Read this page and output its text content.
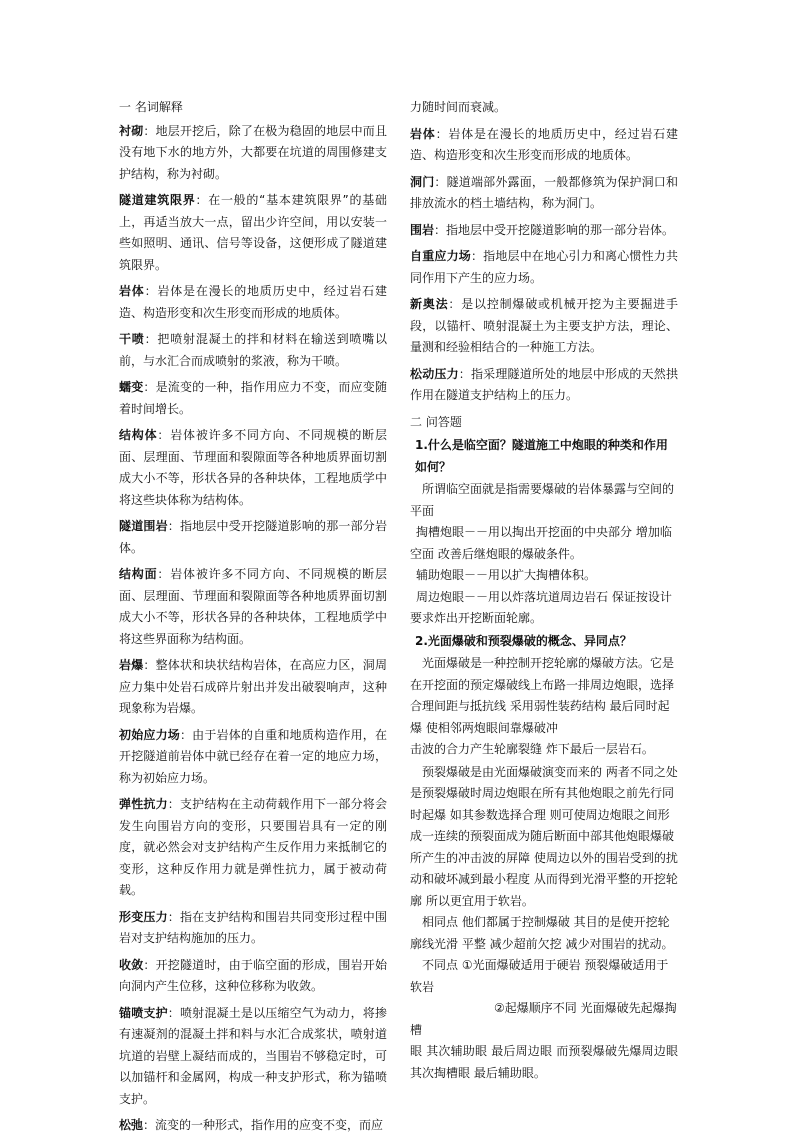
一 名词解释

衬砌：地层开挖后，除了在极为稳固的地层中而且没有地下水的地方外，大都要在坑道的周围修建支护结构，称为衬砌。

隧道建筑限界：在一般的“基本建筑限界”的基础上，再适当放大一点，留出少许空间，用以安装一些如照明、通讯、信号等设备，这便形成了隧道建筑限界。

岩体：岩体是在漫长的地质历史中，经过岩石建造、构造形变和次生形变而形成的地质体。

干喷：把喷射混凝土的拌和材料在输送到喷嘴以前，与水汇合而成喷射的浆液，称为干喷。

蠕变：是流变的一种，指作用应力不变，而应变随着时间增长。

结构体：岩体被许多不同方向、不同规模的断层面、层理面、节理面和裂隙面等各种地质界面切割成大小不等，形状各异的各种块体，工程地质学中将这些块体称为结构体。

隧道围岩：指地层中受开挖隧道影响的那一部分岩体。

结构面：岩体被许多不同方向、不同规模的断层面、层理面、节理面和裂隙面等各种地质界面切割成大小不等，形状各异的各种块体，工程地质学中将这些界面称为结构面。

岩爆：整体状和块状结构岩体，在高应力区，洞周应力集中处岩石成碎片射出并发出破裂响声，这种现象称为岩爆。

初始应力场：由于岩体的自重和地质构造作用，在开挖隧道前岩体中就已经存在着一定的地应力场，称为初始应力场。

弹性抗力：支护结构在主动荷载作用下一部分将会发生向围岩方向的变形，只要围岩具有一定的刚度，就必然会对支护结构产生反作用力来抵制它的变形，这种反作用力就是弹性抗力，属于被动荷载。

形变压力：指在支护结构和围岩共同变形过程中围岩对支护结构施加的压力。

收敛：开挖隧道时，由于临空面的形成，围岩开始向洞内产生位移，这种位移称为收敛。

锚喷支护：喷射混凝土是以压缩空气为动力，将掺有速凝剂的混凝土拌和料与水汇合成浆状，喷射道坑道的岩壁上凝结而成的，当围岩不够稳定时，可以加锚杆和金属网，构成一种支护形式，称为锚喷支护。

松弛：流变的一种形式，指作用的应变不变，而应

力随时间而衰减。

岩体：岩体是在漫长的地质历史中，经过岩石建造、构造形变和次生形变而形成的地质体。

洞门：隧道端部外露面，一般都修筑为保护洞口和排放流水的档土墙结构，称为洞门。

围岩：指地层中受开挖隧道影响的那一部分岩体。

自重应力场：指地层中在地心引力和离心惯性力共同作用下产生的应力场。

新奥法：是以控制爆破或机械开挖为主要掘进手段，以锚杆、喷射混凝土为主要支护方法，理论、量测和经验相结合的一种施工方法。

松动压力：指采理隧道所处的地层中形成的天然拱作用在隧道支护结构上的压力。

二 问答题

1.什么是临空面？隧道施工中炮眼的种类和作用如何？

所谓临空面就是指需要爆破的岩体暴露与空间的平面

掏槽炮眼－－用以掏出开挖面的中央部分 增加临空面 改善后继炮眼的爆破条件。

辅助炮眼－－用以扩大掏槽体积。

周边炮眼－－用以炸落坑道周边岩石 保证按设计要求炸出开挖断面轮廓。

2.光面爆破和预裂爆破的概念、异同点？

光面爆破是一种控制开挖轮廓的爆破方法。它是在开挖面的预定爆破线上布路一排周边炮眼，选择合理间距与抵抗线 采用弱性装药结构 最后同时起爆 使相邻两炮眼间靠爆破冲

击波的合力产生轮廓裂缝 炸下最后一层岩石。

预裂爆破是由光面爆破演变而来的 两者不同之处是预裂爆破时周边炮眼在所有其他炮眼之前先行同时起爆 如其参数选择合理 则可使周边炮眼之间形成一连续的预裂面成为随后断面中部其他炮眼爆破所产生的冲击波的屏障 使周边以外的围岩受到的扰动和破坏减到最小程度 从而得到光滑平整的开挖轮廓 所以更宜用于软岩。

相同点 他们都属于控制爆破 其目的是使开挖轮廓线光滑 平整 减少超前欠挖 减少对围岩的扰动。

不同点 ①光面爆破适用于硬岩 预裂爆破适用于软岩

②起爆顺序不同 光面爆破先起爆掏槽

眼 其次辅助眼 最后周边眼 而预裂爆破先爆周边眼 其次掏槽眼 最后辅助眼。
